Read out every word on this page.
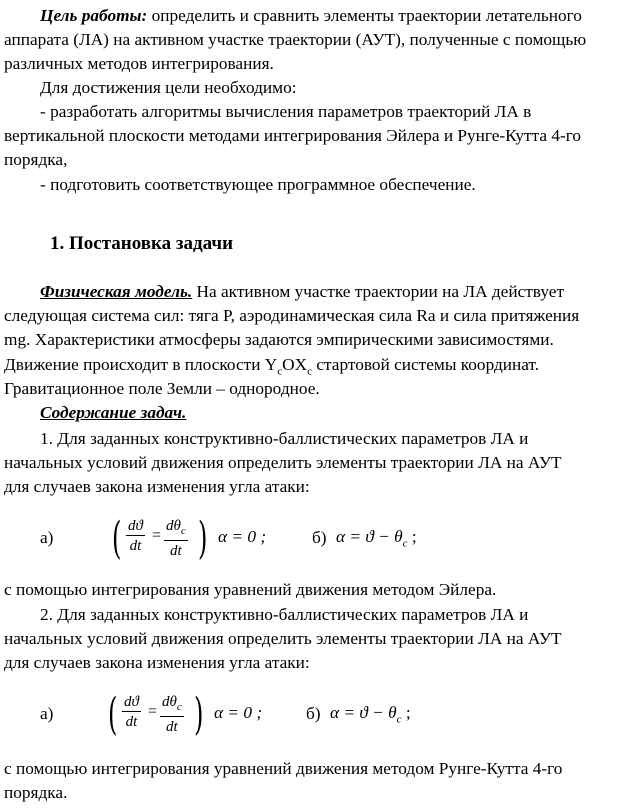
Цель работы: определить и сравнить элементы траектории летательного
аппарата (ЛА) на активном участке траектории (АУТ), полученные с помощью
различных методов интегрирования.
Для достижения цели необходимо:
- разработать алгоритмы вычисления параметров траекторий ЛА в
вертикальной плоскости методами интегрирования Эйлера и Рунге-Кутта 4-го
порядка,
- подготовить соответствующее программное обеспечение.
1. Постановка задачи
Физическая модель. На активном участке траектории на ЛА действует
следующая система сил: тяга P, аэродинамическая сила Ra и сила притяжения
mg. Характеристики атмосферы задаются эмпирическими зависимостями.
Движение происходит в плоскости $Y_cOX_c$ стартовой системы координат.
Гравитационное поле Земли – однородное.
Содержание задач.
1. Для заданных конструктивно-баллистических параметров ЛА и
начальных условий движения определить элементы траектории ЛА на АУТ
для случаев закона изменения угла атаки:
а) ( $\frac{dϑ}{dt}$ =
$d\theta_c$
dt ) α = 0 ;	б) $\alpha = ϑ - \theta_c$ ;
с помощью интегрирования уравнений движения методом Эйлера.
2. Для заданных конструктивно-баллистических параметров ЛА и
начальных условий движения определить элементы траектории ЛА на АУТ
для случаев закона изменения угла атаки:
а) ( $\frac{dϑ}{dt}$ =
$d\theta_c$
dt ) α = 0 ;	б) $\alpha = ϑ - \theta_c$ ;
с помощью интегрирования уравнений движения методом Рунге-Кутта 4-го
порядка.
